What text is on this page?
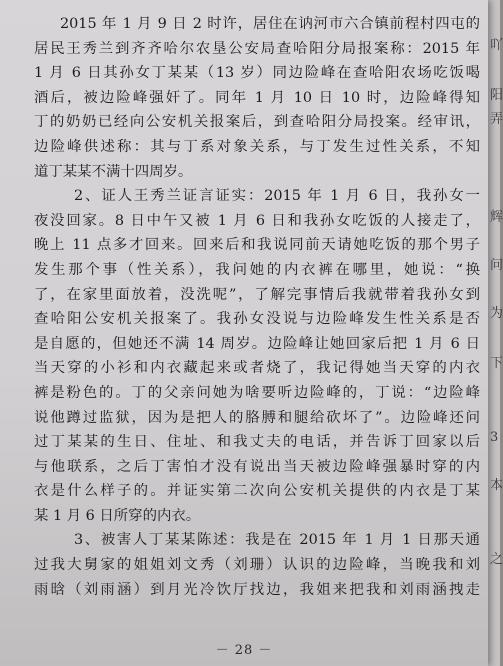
2015 年 1 月 9 日 2 时许，居住在讷河市六合镇前程村四屯的
居民王秀兰到齐齐哈尔农垦公安局查哈阳分局报案称：2015 年
1 月 6 日其孙女丁某某（13 岁）同边险峰在查哈阳农场吃饭喝
酒后，被边险峰强奸了。同年 1 月 10 日 10 时，边险峰得知
丁的奶奶已经向公安机关报案后，到查哈阳分局投案。经审讯，
边险峰供述称：其与丁系对象关系，与丁发生过性关系，不知
道丁某某不满十四周岁。
2、证人王秀兰证言证实：2015 年 1 月 6 日，我孙女一
夜没回家。8 日中午又被 1 月 6 日和我孙女吃饭的人接走了，
晚上 11 点多才回来。回来后和我说同前天请她吃饭的那个男子
发生那个事（性关系），我问她的内衣裤在哪里，她说：“换
了，在家里面放着，没洗呢”，了解完事情后我就带着我孙女到
查哈阳公安机关报案了。我孙女没说与边险峰发生性关系是否
是自愿的，但她还不满 14 周岁。边险峰让她回家后把 1 月 6 日
当天穿的小衫和内衣藏起来或者烧了，我记得她当天穿的内衣
裤是粉色的。丁的父亲问她为啥要听边险峰的，丁说：“边险峰
说他蹲过监狱，因为是把人的胳膊和腿给砍坏了”。边险峰还问
过丁某某的生日、住址、和我丈夫的电话，并告诉丁回家以后
与他联系，之后丁害怕才没有说出当天被边险峰强暴时穿的内
衣是什么样子的。并证实第二次向公安机关提供的内衣是丁某
某 1 月 6 日所穿的内衣。
3、被害人丁某某陈述：我是在 2015 年 1 月 1 日那天通
过我大舅家的姐姐刘文秀（刘珊）认识的边险峰，当晚我和刘
雨晗（刘雨涵）到月光冷饮厅找边，我姐来把我和刘雨涵拽走
－ 28 －
吖
阳
弄
辉
问
为
下
3
本
之
